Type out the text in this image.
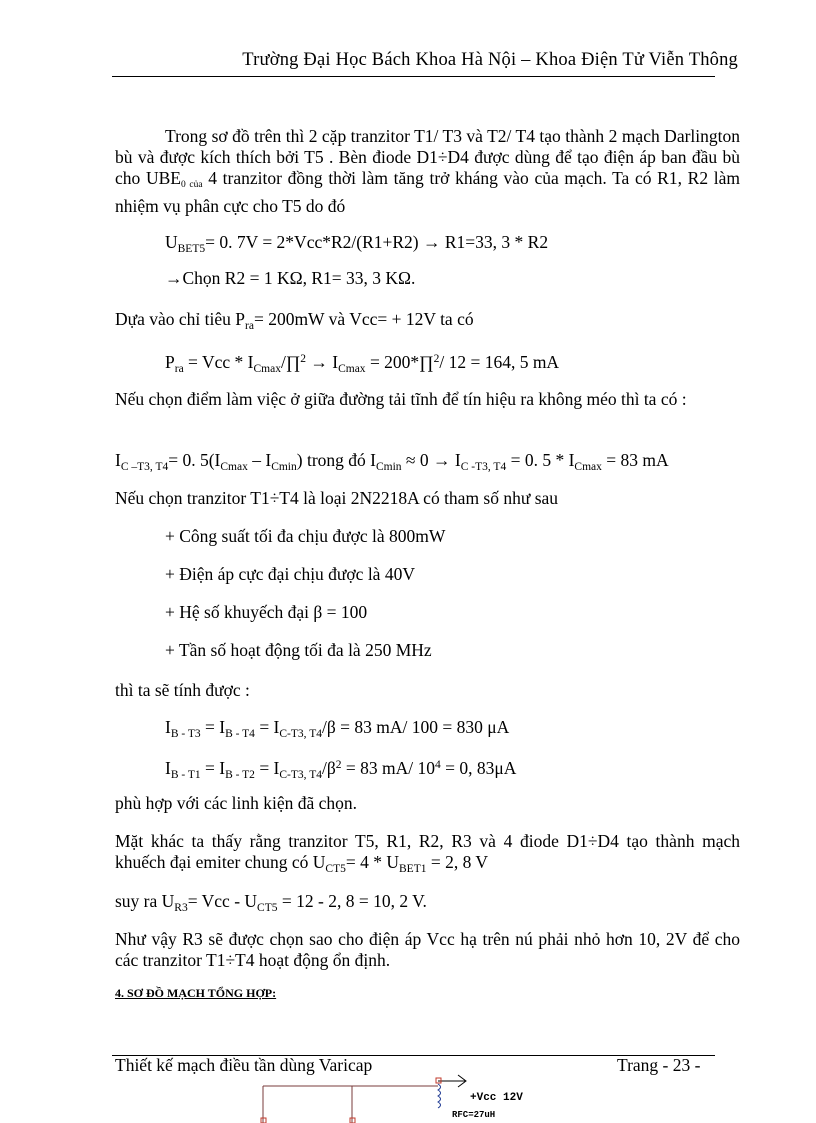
Trường Đại Học Bách Khoa Hà Nội – Khoa Điện Tử Viễn Thông

Trong sơ đồ trên thì 2 cặp tranzitor T1/ T3 và T2/ T4 tạo thành 2 mạch Darlington bù và được kích thích bởi T5 . Bèn điode D1÷D4 được dùng để tạo điện áp ban đầu bù cho UBE0 của 4 tranzitor đồng thời làm tăng trở kháng vào của mạch. Ta có R1, R2 làm nhiệm vụ phân cực cho T5 do đó

$U_{BET5}= 0$. 7V = 2*Vcc*R2/(R1+R2) → R1=33, 3 * R2

→Chọn R2 = 1 KΩ, R1= 33, 3 KΩ.

Dựa vào chỉ tiêu $P_{ra}= 200mW$ và Vcc= + 12V ta có

$P_{ra}$ = Vcc * $I_{Cmax}/\prod^2 \to I_{Cmax}$ = 200*∏$^2$/ 12 = 164, 5 mA

Nếu chọn điểm làm việc ở giữa đường tải tĩnh để tín hiệu ra không méo thì ta có :

$I_{C -T3, T4}= 0$. $5(I_{Cmax} - I_{Cmin})$ trong đó $I_{Cmin} \approx 0 \to I_{C -T3, T4} = 0$. $5 * I_{Cmax} = 83$ mA

Nếu chọn tranzitor T1÷T4 là loại 2N2218A có tham số như sau

+ Công suất tối đa chịu được là 800mW

+ Điện áp cực đại chịu được là 40V

+ Hệ số khuyếch đại β = 100

+ Tần số hoạt động tối đa là 250 MHz

thì ta sẽ tính được :

$I_{B - T3} = I_{B - T4} = I_{C-T3, T4}/\beta = 83$ mA/ 100 = 830 μA

$I_{B - T1} = I_{B - T2} = I_{C-T3, T4}/\beta^2 = 83$ mA/ $10^4 = 0$, 83μA

phù hợp với các linh kiện đã chọn.

Mặt khác ta thấy rằng tranzitor T5, R1, R2, R3 và 4 điode D1÷D4 tạo thành mạch khuếch đại emiter chung có $U_{CT5}= 4 * U_{BET1} = 2$, 8 V

suy ra $U_{R3}=$ Vcc - $U_{CT5} = 12 - 2$, 8 = 10, 2 V.

Như vậy R3 sẽ được chọn sao cho điện áp Vcc hạ trên nú phải nhỏ hơn 10, 2V để cho các tranzitor T1÷T4 hoạt động ổn định.

4. SƠ ĐỒ MẠCH TỔNG HỢP:
Thiết kế mạch điều tần dùng Varicap	Trang - 23 -
+Vcc 12V
RFC=27uH
